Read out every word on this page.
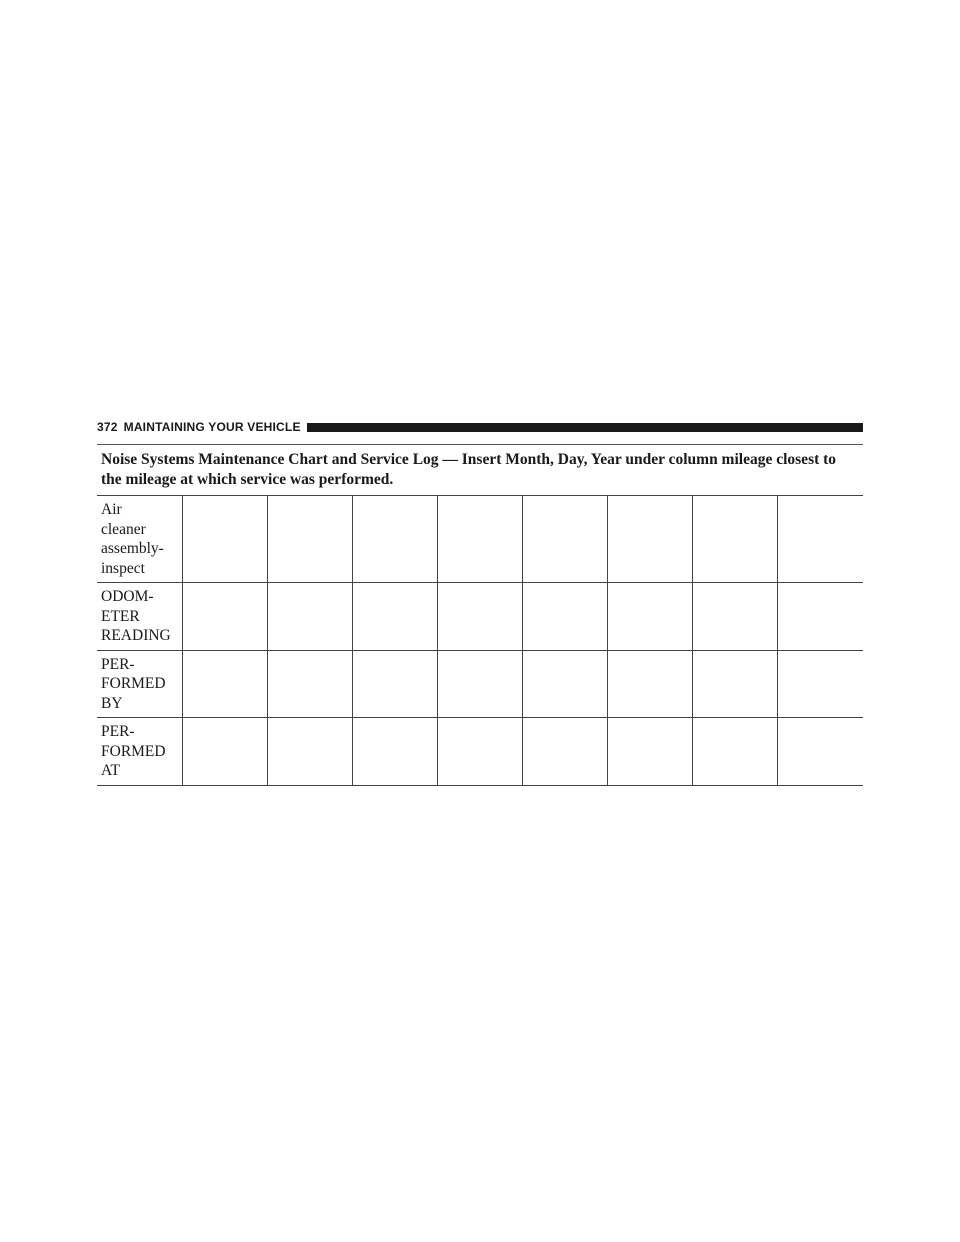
372 MAINTAINING YOUR VEHICLE
Noise Systems Maintenance Chart and Service Log — Insert Month, Day, Year under column mileage closest to the mileage at which service was performed.								

Air
cleaner
assembly-
inspect								

ODOM-
ETER
READING								

PER-
FORMED
BY								

PER-
FORMED
AT								
